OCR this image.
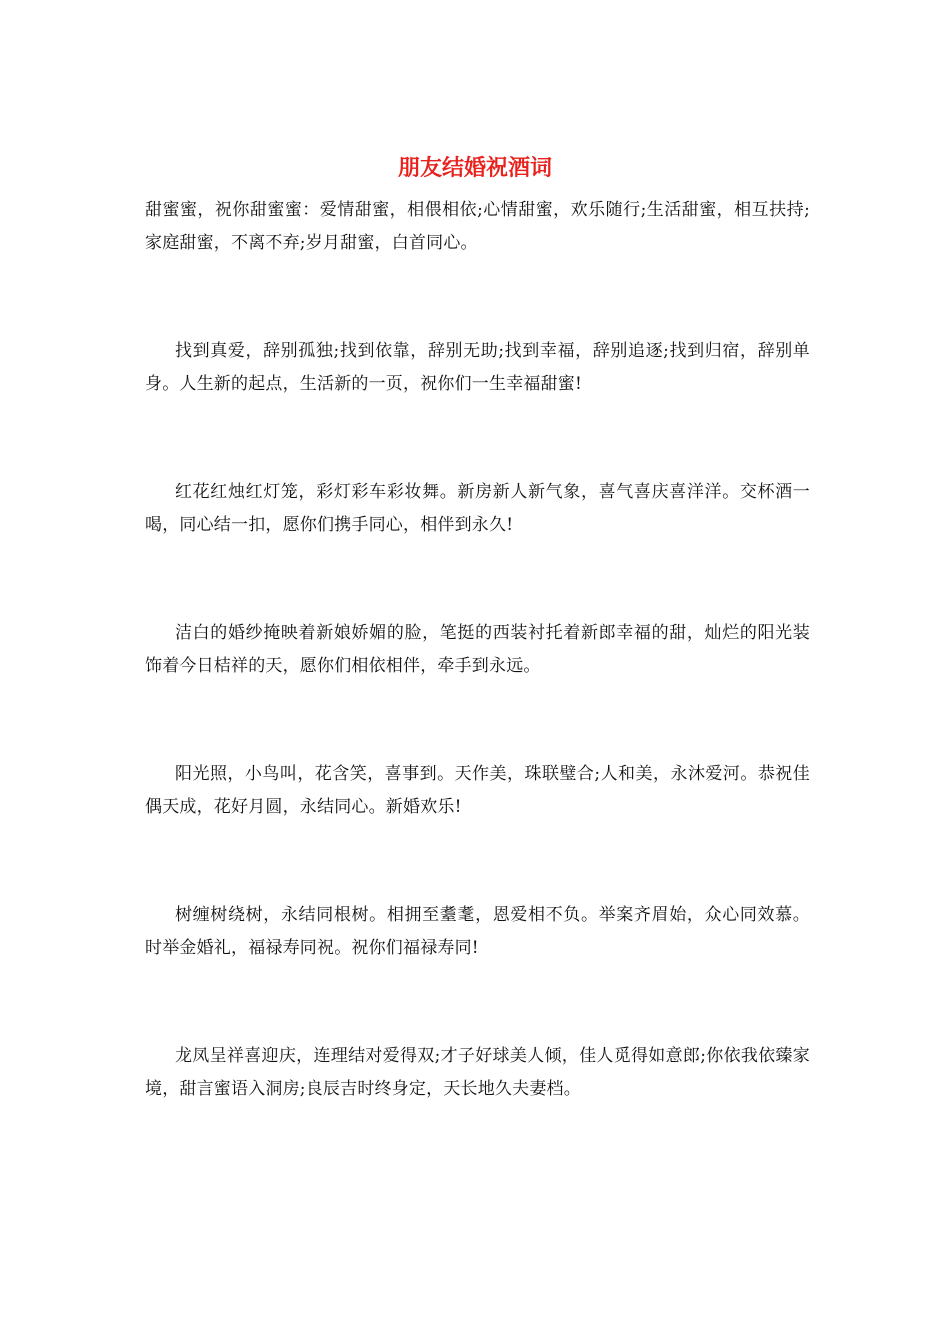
朋友结婚祝酒词
甜蜜蜜，祝你甜蜜蜜：爱情甜蜜，相偎相依;心情甜蜜，欢乐随行;生活甜蜜，相互扶持;家庭甜蜜，不离不弃;岁月甜蜜，白首同心。
找到真爱，辞别孤独;找到依靠，辞别无助;找到幸福，辞别追逐;找到归宿，辞别单身。人生新的起点，生活新的一页，祝你们一生幸福甜蜜!
红花红烛红灯笼，彩灯彩车彩妆舞。新房新人新气象，喜气喜庆喜洋洋。交杯酒一喝，同心结一扣，愿你们携手同心，相伴到永久!
洁白的婚纱掩映着新娘娇媚的脸，笔挺的西装衬托着新郎幸福的甜，灿烂的阳光装饰着今日桔祥的天，愿你们相依相伴，牵手到永远。
阳光照，小鸟叫，花含笑，喜事到。天作美，珠联璧合;人和美，永沐爱河。恭祝佳偶天成，花好月圆，永结同心。新婚欢乐!
树缠树绕树，永结同根树。相拥至耋耄，恩爱相不负。举案齐眉始，众心同效慕。时举金婚礼，福禄寿同祝。祝你们福禄寿同!
龙凤呈祥喜迎庆，连理结对爱得双;才子好球美人倾，佳人觅得如意郎;你依我依臻家境，甜言蜜语入洞房;良辰吉时终身定，天长地久夫妻档。
